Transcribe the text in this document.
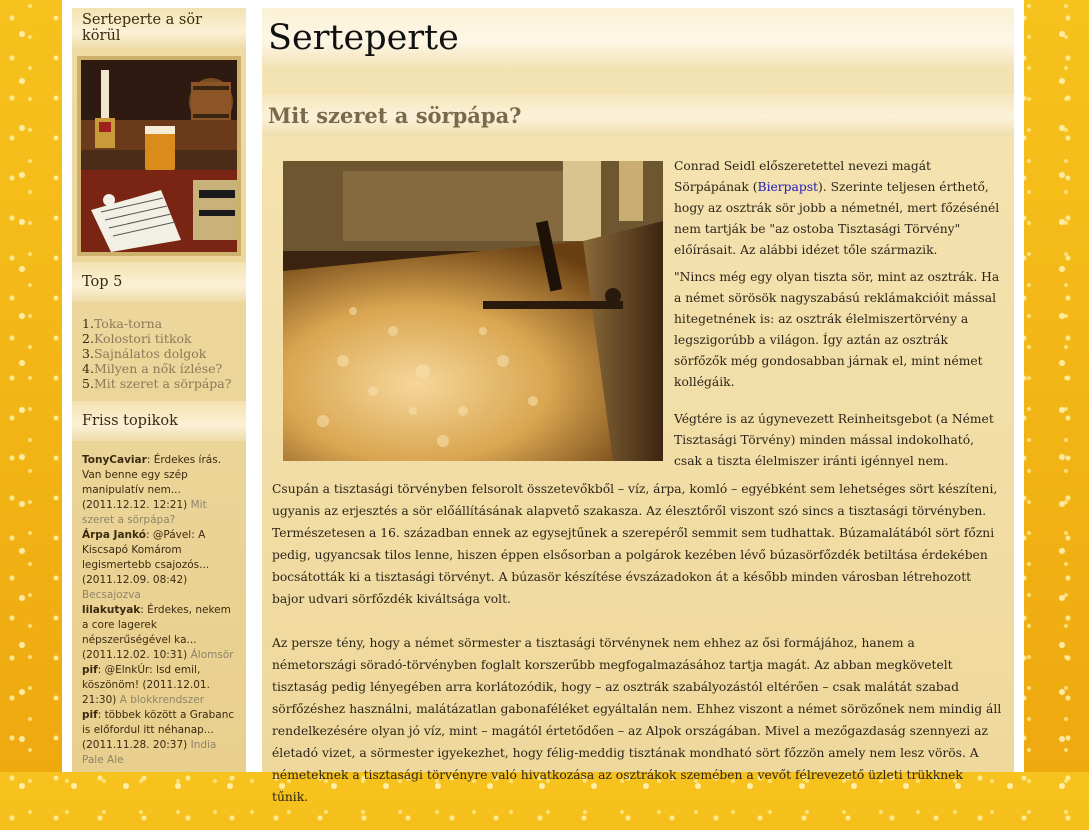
Serteperte a sör körül
Top 5
1.Toka-torna
2.Kolostori titkok
3.Sajnálatos dolgok
4.Milyen a nők ízlése?
5.Mit szeret a sörpápa?
Friss topikok

TonyCaviar: Érdekes írás. Van benne egy szép manipulatív nem... (2011.12.12. 12:21) Mit szeret a sörpápa?

Árpa Jankó: @Pável: A Kiscsapó Komárom legismertebb csajozós... (2011.12.09. 08:42) Becsajozva

lilakutyak: Érdekes, nekem a core lagerek népszerűségével ka... (2011.12.02. 10:31) Álomsör

pif: @ElnkÚr: lsd emil, köszönöm! (2011.12.01. 21:30) A blokkrendszer

pif: többek között a Grabanc is előfordul itt néhanap... (2011.11.28. 20:37) India Pale Ale

Serteperte
Mit szeret a sörpápa?

Conrad Seidl előszeretettel nevezi magát Sörpápának (Bierpapst). Szerinte teljesen érthető, hogy az osztrák sör jobb a németnél, mert főzésénél nem tartják be "az ostoba Tisztasági Törvény" előírásait. Az alábbi idézet tőle származik.

"Nincs még egy olyan tiszta sör, mint az osztrák. Ha a német sörösök nagyszabású reklámakcióit mással hitegetnének is: az osztrák élelmiszertörvény a legszigorúbb a világon. Így aztán az osztrák sörfőzők még gondosabban járnak el, mint német kollégáik.

Végtére is az úgynevezett Reinheitsgebot (a Német Tisztasági Törvény) minden mással indokolható, csak a tiszta élelmiszer iránti igénnyel nem.

Csupán a tisztasági törvényben felsorolt összetevőkből – víz, árpa, komló – egyébként sem lehetséges sört készíteni, ugyanis az erjesztés a sör előállításának alapvető szakasza. Az élesztőről viszont szó sincs a tisztasági törvényben. Természetesen a 16. században ennek az egysejtűnek a szerepéről semmit sem tudhattak. Búzamalátából sört főzni pedig, ugyancsak tilos lenne, hiszen éppen elsősorban a polgárok kezében lévő búzasörfőzdék betiltása érdekében bocsátották ki a tisztasági törvényt. A búzasör készítése évszázadokon át a később minden városban létrehozott bajor udvari sörfőzdék kiváltsága volt.

Az persze tény, hogy a német sörmester a tisztasági törvénynek nem ehhez az ősi formájához, hanem a németországi söradó-törvényben foglalt korszerűbb megfogalmazásához tartja magát. Az abban megkövetelt tisztaság pedig lényegében arra korlátozódik, hogy – az osztrák szabályozástól eltérően – csak malátát szabad sörfőzéshez használni, malátázatlan gabonaféléket egyáltalán nem. Ehhez viszont a német sörözőnek nem mindig áll rendelkezésére olyan jó víz, mint – magától értetődően – az Alpok országában. Mivel a mezőgazdaság szennyezi az életadó vizet, a sörmester igyekezhet, hogy félig-meddig tisztának mondható sört főzzön amely nem lesz vörös. A németeknek a tisztasági törvényre való hivatkozása az osztrákok szemében a vevőt félrevezető üzleti trükknek tűnik.
